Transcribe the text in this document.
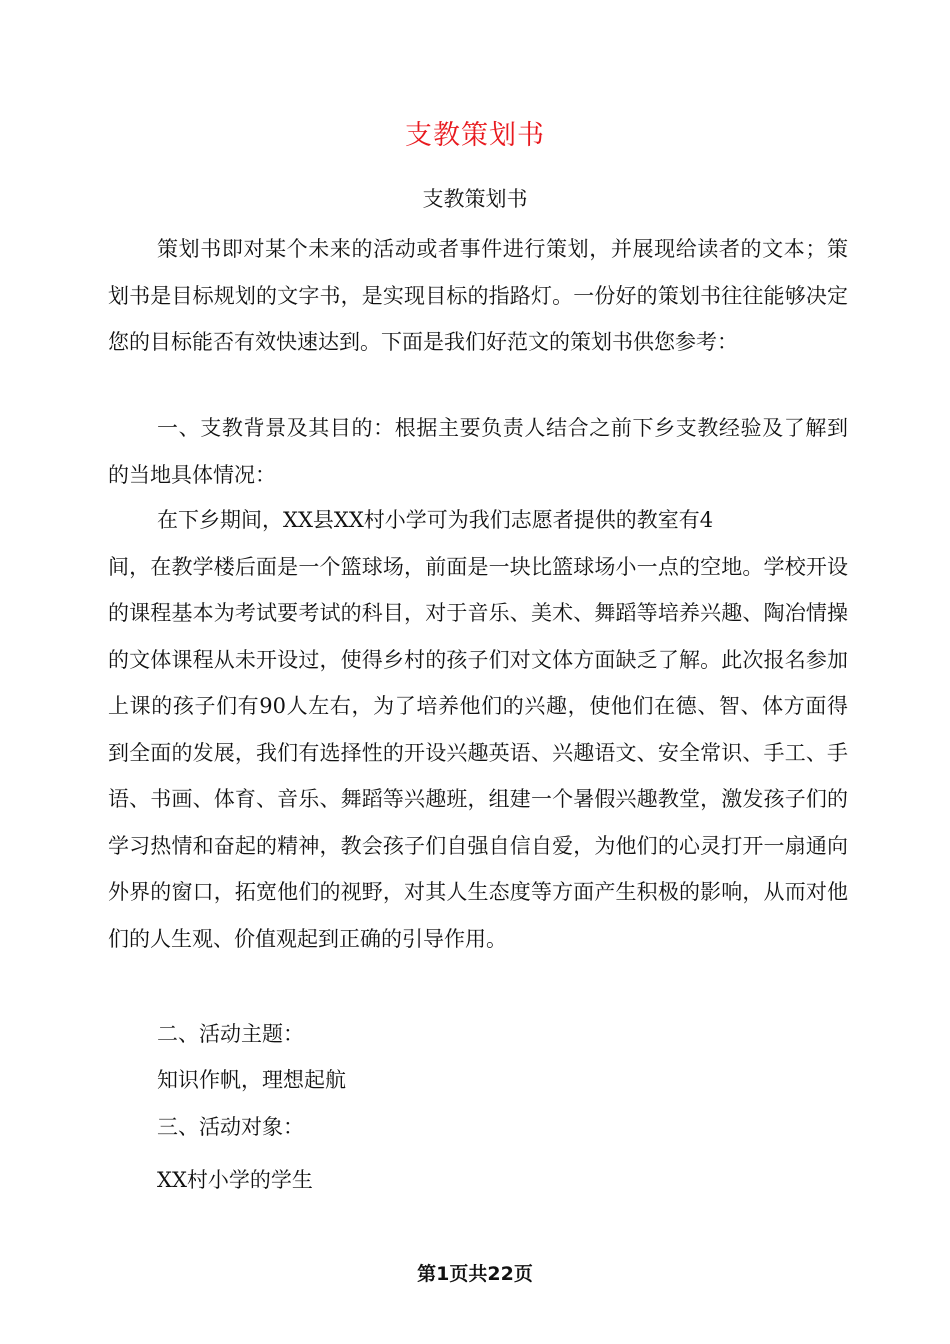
支教策划书
支教策划书

策划书即对某个未来的活动或者事件进行策划，并展现给读者的文本；策划书是目标规划的文字书，是实现目标的指路灯。一份好的策划书往往能够决定您的目标能否有效快速达到。下面是我们好范文的策划书供您参考：

一、支教背景及其目的：根据主要负责人结合之前下乡支教经验及了解到的当地具体情况：

在下乡期间，XX县XX村小学可为我们志愿者提供的教室有4
间，在教学楼后面是一个篮球场，前面是一块比篮球场小一点的空地。学校开设的课程基本为考试要考试的科目，对于音乐、美术、舞蹈等培养兴趣、陶冶情操的文体课程从未开设过，使得乡村的孩子们对文体方面缺乏了解。此次报名参加上课的孩子们有90人左右，为了培养他们的兴趣，使他们在德、智、体方面得到全面的发展，我们有选择性的开设兴趣英语、兴趣语文、安全常识、手工、手语、书画、体育、音乐、舞蹈等兴趣班，组建一个暑假兴趣教堂，激发孩子们的学习热情和奋起的精神，教会孩子们自强自信自爱，为他们的心灵打开一扇通向外界的窗口，拓宽他们的视野，对其人生态度等方面产生积极的影响，从而对他们的人生观、价值观起到正确的引导作用。

二、活动主题：

知识作帆，理想起航

三、活动对象：

XX村小学的学生

第1页共22页
